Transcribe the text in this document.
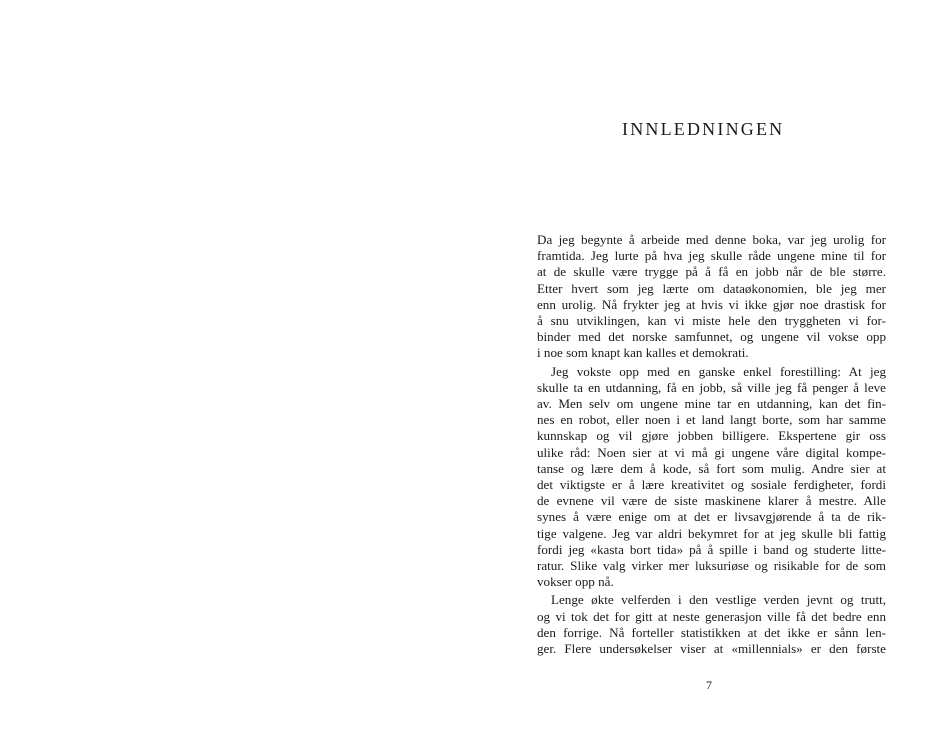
INNLEDNINGEN

Da jeg begynte å arbeide med denne boka, var jeg urolig for
framtida. Jeg lurte på hva jeg skulle råde ungene mine til for
at de skulle være trygge på å få en jobb når de ble større.
Etter hvert som jeg lærte om dataøkonomien, ble jeg mer
enn urolig. Nå frykter jeg at hvis vi ikke gjør noe drastisk for
å snu utviklingen, kan vi miste hele den tryggheten vi for-
binder med det norske samfunnet, og ungene vil vokse opp
i noe som knapt kan kalles et demokrati.

Jeg vokste opp med en ganske enkel forestilling: At jeg
skulle ta en utdanning, få en jobb, så ville jeg få penger å leve
av. Men selv om ungene mine tar en utdanning, kan det fin-
nes en robot, eller noen i et land langt borte, som har samme
kunnskap og vil gjøre jobben billigere. Ekspertene gir oss
ulike råd: Noen sier at vi må gi ungene våre digital kompe-
tanse og lære dem å kode, så fort som mulig. Andre sier at
det viktigste er å lære kreativitet og sosiale ferdigheter, fordi
de evnene vil være de siste maskinene klarer å mestre. Alle
synes å være enige om at det er livsavgjørende å ta de rik-
tige valgene. Jeg var aldri bekymret for at jeg skulle bli fattig
fordi jeg «kasta bort tida» på å spille i band og studerte litte-
ratur. Slike valg virker mer luksuriøse og risikable for de som
vokser opp nå.

Lenge økte velferden i den vestlige verden jevnt og trutt,
og vi tok det for gitt at neste generasjon ville få det bedre enn
den forrige. Nå forteller statistikken at det ikke er sånn len-
ger. Flere undersøkelser viser at «millennials» er den første

7
